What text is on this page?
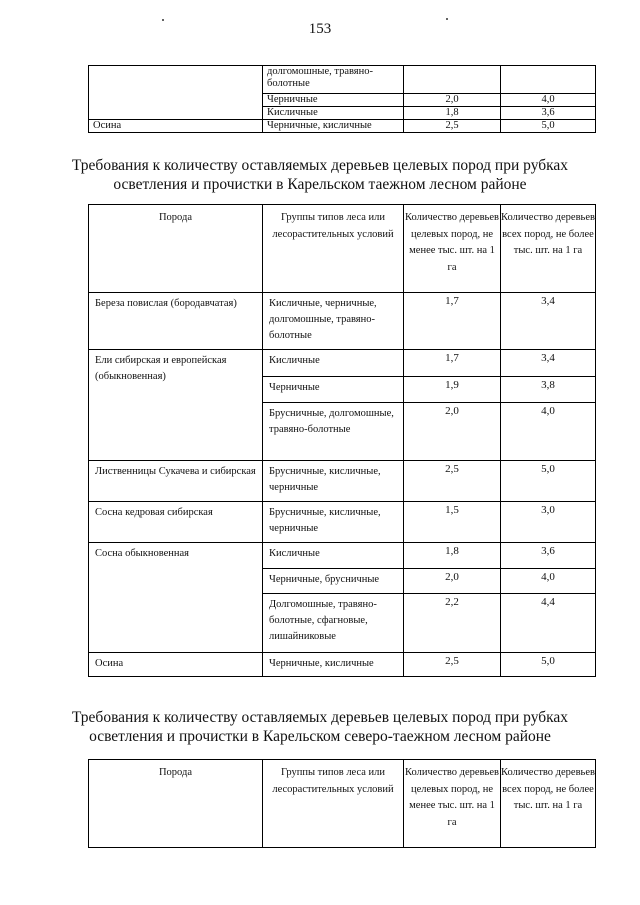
153
	долгомошные, травяно-болотные		
	Черничные	2,0	4,0
	Кисличные	1,8	3,6
Осина	Черничные, кисличные	2,5	5,0
Требования к количеству оставляемых деревьев целевых пород при рубках
осветления и прочистки в Карельском таежном лесном районе
Порода	Группы типов леса или лесорастительных условий	Количество деревьев целевых пород, не менее тыс. шт. на 1 га	Количество деревьев всех пород, не более тыс. шт. на 1 га
Береза повислая (бородавчатая)	Кисличные, черничные, долгомошные, травяно-болотные	1,7	3,4
Ели сибирская и европейская (обыкновенная)	Кисличные	1,7	3,4
	Черничные	1,9	3,8
	Брусничные, долгомошные, травяно-болотные	2,0	4,0
Лиственницы Сукачева и сибирская	Брусничные, кисличные, черничные	2,5	5,0
Сосна кедровая сибирская	Брусничные, кисличные, черничные	1,5	3,0
Сосна обыкновенная	Кисличные	1,8	3,6
	Черничные, брусничные	2,0	4,0
	Долгомошные, травяно-болотные, сфагновые, лишайниковые	2,2	4,4
Осина	Черничные, кисличные	2,5	5,0
Требования к количеству оставляемых деревьев целевых пород при рубках
осветления и прочистки в Карельском северо-таежном лесном районе
Порода	Группы типов леса или лесорастительных условий	Количество деревьев целевых пород, не менее тыс. шт. на 1 га	Количество деревьев всех пород, не более тыс. шт. на 1 га
